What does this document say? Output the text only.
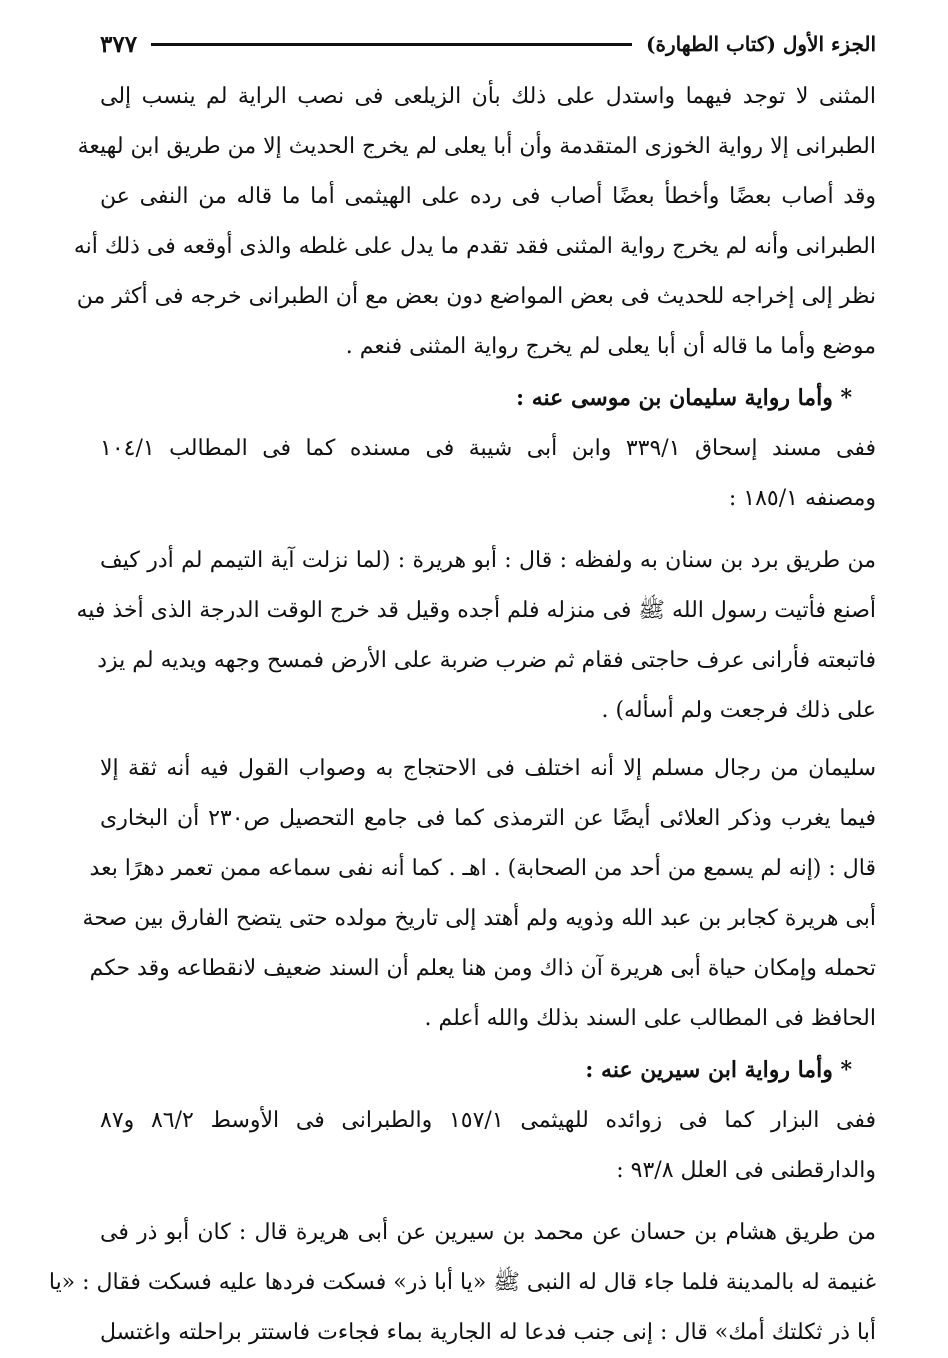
الجزء الأول (كتاب الطهارة)
٣٧٧
المثنى لا توجد فيهما واستدل على ذلك بأن الزيلعى فى نصب الراية لم ينسب إلى
الطبرانى إلا رواية الخوزى المتقدمة وأن أبا يعلى لم يخرج الحديث إلا من طريق ابن لهيعة
وقد أصاب بعضًا وأخطأ بعضًا أصاب فى رده على الهيثمى أما ما قاله من النفى عن
الطبرانى وأنه لم يخرج رواية المثنى فقد تقدم ما يدل على غلطه والذى أوقعه فى ذلك أنه
نظر إلى إخراجه للحديث فى بعض المواضع دون بعض مع أن الطبرانى خرجه فى أكثر من
موضع وأما ما قاله أن أبا يعلى لم يخرج رواية المثنى فنعم .
* وأما رواية سليمان بن موسى عنه :
ففى مسند إسحاق ٣٣٩/١ وابن أبى شيبة فى مسنده كما فى المطالب ١٠٤/١
ومصنفه ١٨٥/١ :
من طريق برد بن سنان به ولفظه : قال : أبو هريرة : (لما نزلت آية التيمم لم أدر كيف
أصنع فأتيت رسول الله ﷺ فى منزله فلم أجده وقيل قد خرج الوقت الدرجة الذى أخذ فيه
فاتبعته فأرانى عرف حاجتى فقام ثم ضرب ضربة على الأرض فمسح وجهه ويديه لم يزد
على ذلك فرجعت ولم أسأله) .
سليمان من رجال مسلم إلا أنه اختلف فى الاحتجاج به وصواب القول فيه أنه ثقة إلا
فيما يغرب وذكر العلائى أيضًا عن الترمذى كما فى جامع التحصيل ص٢٣٠ أن البخارى
قال : (إنه لم يسمع من أحد من الصحابة) . اهـ . كما أنه نفى سماعه ممن تعمر دهرًا بعد
أبى هريرة كجابر بن عبد الله وذويه ولم أهتد إلى تاريخ مولده حتى يتضح الفارق بين صحة
تحمله وإمكان حياة أبى هريرة آن ذاك ومن هنا يعلم أن السند ضعيف لانقطاعه وقد حكم
الحافظ فى المطالب على السند بذلك والله أعلم .
* وأما رواية ابن سيرين عنه :
ففى البزار كما فى زوائده للهيثمى ١٥٧/١ والطبرانى فى الأوسط ٨٦/٢ و٨٧
والدارقطنى فى العلل ٩٣/٨ :
من طريق هشام بن حسان عن محمد بن سيرين عن أبى هريرة قال : كان أبو ذر فى
غنيمة له بالمدينة فلما جاء قال له النبى ﷺ «يا أبا ذر» فسكت فردها عليه فسكت فقال : «يا
أبا ذر ثكلتك أمك» قال : إنى جنب فدعا له الجارية بماء فجاءت فاستتر براحلته واغتسل
